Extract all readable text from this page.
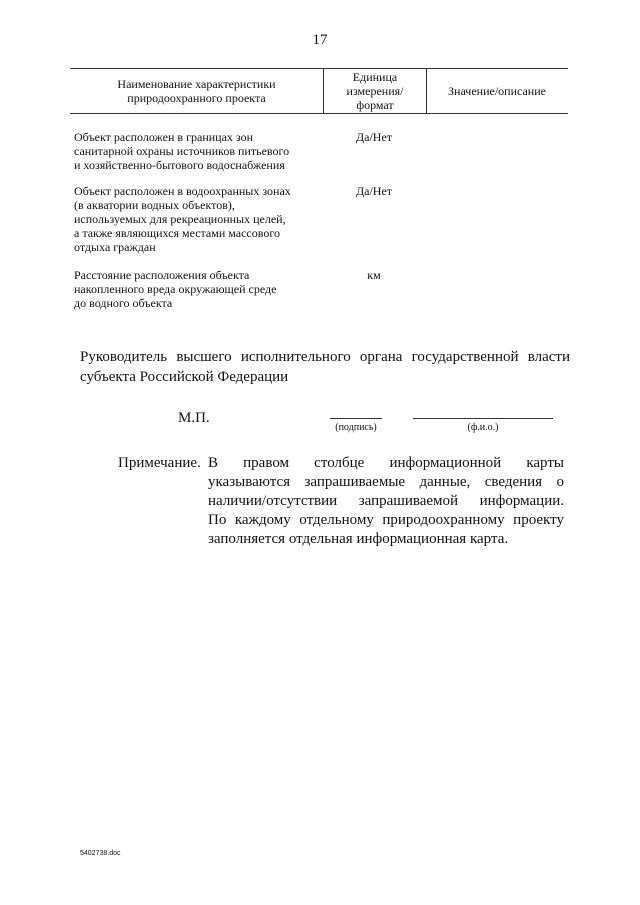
17
Наименование характеристики
природоохранного проекта
Единица
измерения/
формат
Значение/описание
Объект расположен в границах зон
санитарной охраны источников питьевого
и хозяйственно-бытового водоснабжения
Да/Нет
Объект расположен в водоохранных зонах
(в акватории водных объектов),
используемых для рекреационных целей,
а также являющихся местами массового
отдыха граждан
Да/Нет
Расстояние расположения объекта
накопленного вреда окружающей среде
до водного объекта
км
Руководитель высшего исполнительного органа государственной власти
субъекта Российской Федерации
М.П.
(подпись)	(ф.и.о.)
Примечание. В правом столбце информационной карты
указываются запрашиваемые данные, сведения о
наличии/отсутствии запрашиваемой информации.
По каждому отдельному природоохранному проекту
заполняется отдельная информационная карта.
5402738.doc
